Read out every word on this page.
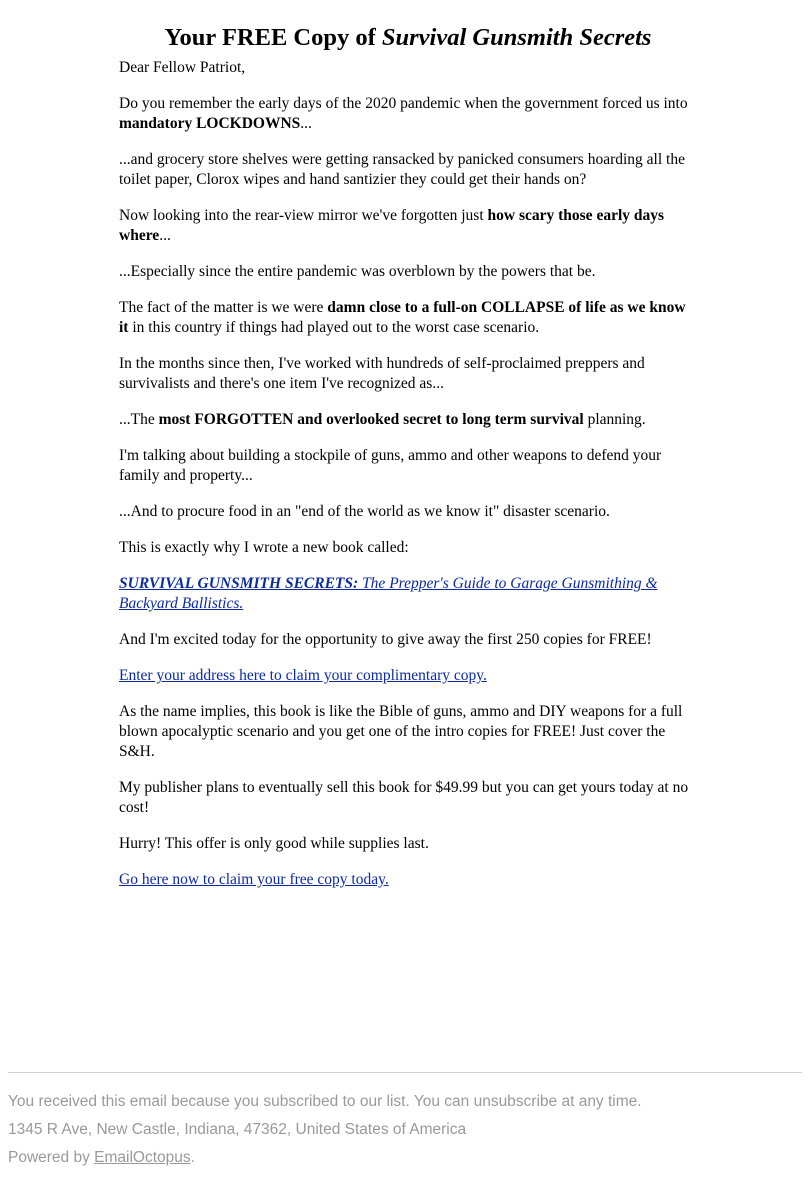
Your FREE Copy of Survival Gunsmith Secrets

Dear Fellow Patriot,

Do you remember the early days of the 2020 pandemic when the government forced us into mandatory LOCKDOWNS...

...and grocery store shelves were getting ransacked by panicked consumers hoarding all the toilet paper, Clorox wipes and hand santizier they could get their hands on?

Now looking into the rear-view mirror we've forgotten just how scary those early days where...

...Especially since the entire pandemic was overblown by the powers that be.

The fact of the matter is we were damn close to a full-on COLLAPSE of life as we know it in this country if things had played out to the worst case scenario.

In the months since then, I've worked with hundreds of self-proclaimed preppers and survivalists and there's one item I've recognized as...

...The most FORGOTTEN and overlooked secret to long term survival planning.

I'm talking about building a stockpile of guns, ammo and other weapons to defend your family and property...

...And to procure food in an "end of the world as we know it" disaster scenario.

This is exactly why I wrote a new book called:

SURVIVAL GUNSMITH SECRETS: The Prepper's Guide to Garage Gunsmithing & Backyard Ballistics.

And I'm excited today for the opportunity to give away the first 250 copies for FREE!

Enter your address here to claim your complimentary copy.

As the name implies, this book is like the Bible of guns, ammo and DIY weapons for a full blown apocalyptic scenario and you get one of the intro copies for FREE! Just cover the S&H.

My publisher plans to eventually sell this book for $49.99 but you can get yours today at no cost!

Hurry! This offer is only good while supplies last.

Go here now to claim your free copy today.

You received this email because you subscribed to our list. You can unsubscribe at any time.

1345 R Ave, New Castle, Indiana, 47362, United States of America

Powered by EmailOctopus.
